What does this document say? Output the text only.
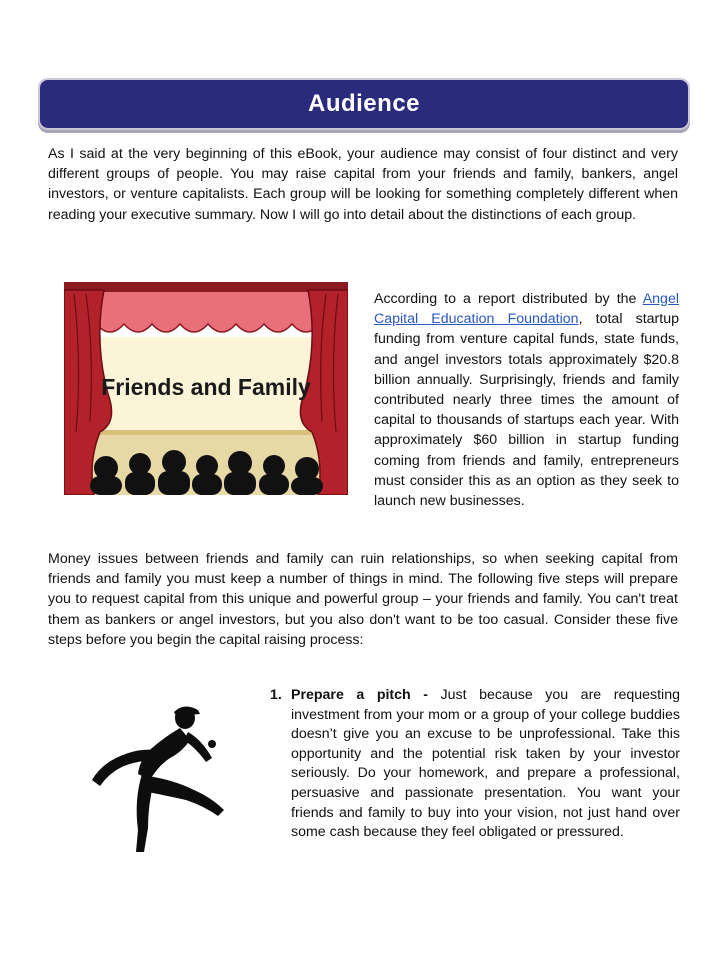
Audience

As I said at the very beginning of this eBook, your audience may consist of four distinct and very different groups of people. You may raise capital from your friends and family, bankers, angel investors, or venture capitalists. Each group will be looking for something completely different when reading your executive summary. Now I will go into detail about the distinctions of each group.

Friends and Family

According to a report distributed by the Angel Capital Education Foundation, total startup funding from venture capital funds, state funds, and angel investors totals approximately $20.8 billion annually. Surprisingly, friends and family contributed nearly three times the amount of capital to thousands of startups each year. With approximately $60 billion in startup funding coming from friends and family, entrepreneurs must consider this as an option as they seek to launch new businesses.

Money issues between friends and family can ruin relationships, so when seeking capital from friends and family you must keep a number of things in mind. The following five steps will prepare you to request capital from this unique and powerful group – your friends and family. You can't treat them as bankers or angel investors, but you also don't want to be too casual. Consider these five steps before you begin the capital raising process:

1. Prepare a pitch - Just because you are requesting investment from your mom or a group of your college buddies doesn’t give you an excuse to be unprofessional. Take this opportunity and the potential risk taken by your investor seriously. Do your homework, and prepare a professional, persuasive and passionate presentation. You want your friends and family to buy into your vision, not just hand over some cash because they feel obligated or pressured.
